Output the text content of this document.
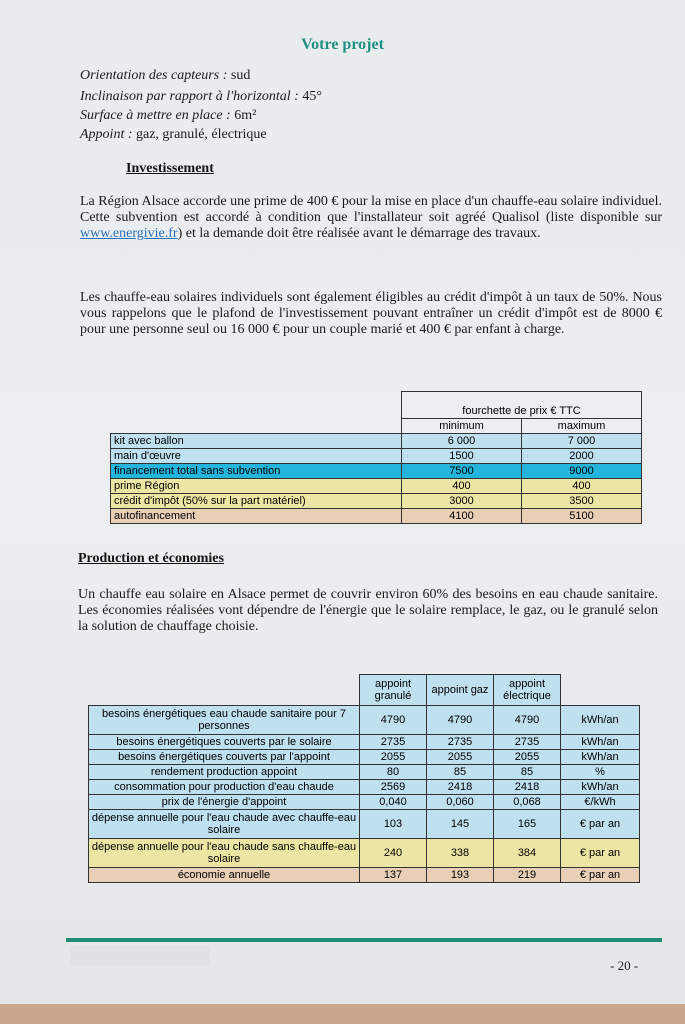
Votre projet
Orientation des capteurs : sud
Inclinaison par rapport à l'horizontal : 45°
Surface à mettre en place : 6m²
Appoint : gaz, granulé, électrique
Investissement
La Région Alsace accorde une prime de 400 € pour la mise en place d'un chauffe-eau solaire individuel. Cette subvention est accordé à condition que l'installateur soit agréé Qualisol (liste disponible sur www.energivie.fr) et la demande doit être réalisée avant le démarrage des travaux.
Les chauffe-eau solaires individuels sont également éligibles au crédit d'impôt à un taux de 50%. Nous vous rappelons que le plafond de l'investissement pouvant entraîner un crédit d'impôt est de 8000 € pour une personne seul ou 16 000 € pour un couple marié et 400 € par enfant à charge.
	fourchette de prix € TTC	
	minimum	maximum
kit avec ballon	6 000	7 000
main d'œuvre	1500	2000
financement total sans subvention	7500	9000
prime Région	400	400
crédit d'impôt (50% sur la part matériel)	3000	3500
autofinancement	4100	5100
Production et économies
Un chauffe eau solaire en Alsace permet de couvrir environ 60% des besoins en eau chaude sanitaire. Les économies réalisées vont dépendre de l'énergie que le solaire remplace, le gaz, ou le granulé selon la solution de chauffage choisie.
	appoint granulé	appoint gaz	appoint électrique	
besoins énergétiques eau chaude sanitaire pour 7 personnes	4790	4790	4790	kWh/an
besoins énergétiques couverts par le solaire	2735	2735	2735	kWh/an
besoins énergétiques couverts par l'appoint	2055	2055	2055	kWh/an
rendement production appoint	80	85	85	%
consommation pour production d'eau chaude	2569	2418	2418	kWh/an
prix de l'énergie d'appoint	0,040	0,060	0,068	€/kWh
dépense annuelle pour l'eau chaude avec chauffe-eau solaire	103	145	165	€ par an
dépense annuelle pour l'eau chaude sans chauffe-eau solaire	240	338	384	€ par an
économie annuelle	137	193	219	€ par an
- 20 -
